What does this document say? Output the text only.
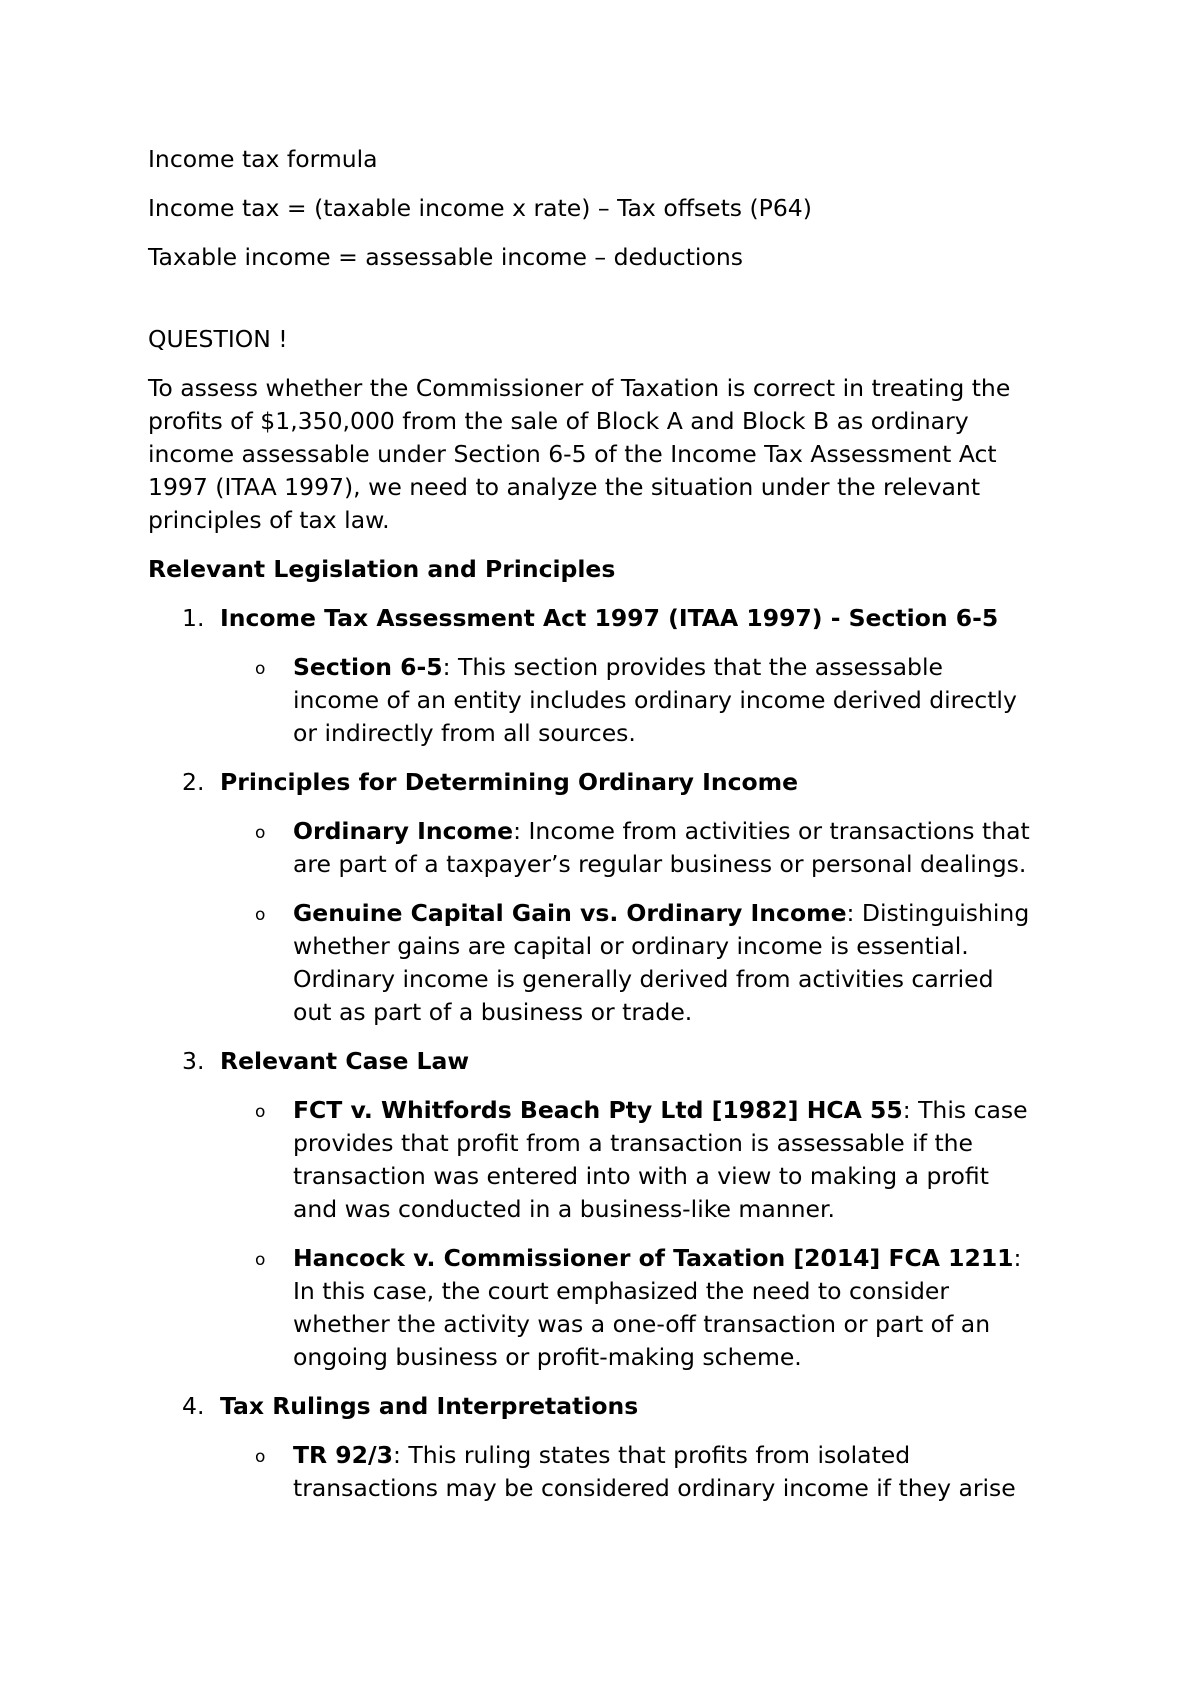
Income tax formula

Income tax = (taxable income x rate) – Tax offsets (P64)

Taxable income = assessable income – deductions

QUESTION !

To assess whether the Commissioner of Taxation is correct in treating the
profits of $1,350,000 from the sale of Block A and Block B as ordinary
income assessable under Section 6-5 of the Income Tax Assessment Act
1997 (ITAA 1997), we need to analyze the situation under the relevant
principles of tax law.

Relevant Legislation and Principles

1. Income Tax Assessment Act 1997 (ITAA 1997) - Section 6-5
o Section 6-5: This section provides that the assessable
income of an entity includes ordinary income derived directly
or indirectly from all sources.
2. Principles for Determining Ordinary Income
o Ordinary Income: Income from activities or transactions that
are part of a taxpayer’s regular business or personal dealings.
o Genuine Capital Gain vs. Ordinary Income: Distinguishing
whether gains are capital or ordinary income is essential.
Ordinary income is generally derived from activities carried
out as part of a business or trade.
3. Relevant Case Law
o FCT v. Whitfords Beach Pty Ltd [1982] HCA 55: This case
provides that profit from a transaction is assessable if the
transaction was entered into with a view to making a profit
and was conducted in a business-like manner.
o Hancock v. Commissioner of Taxation [2014] FCA 1211:
In this case, the court emphasized the need to consider
whether the activity was a one-off transaction or part of an
ongoing business or profit-making scheme.
4. Tax Rulings and Interpretations
o TR 92/3: This ruling states that profits from isolated
transactions may be considered ordinary income if they arise
